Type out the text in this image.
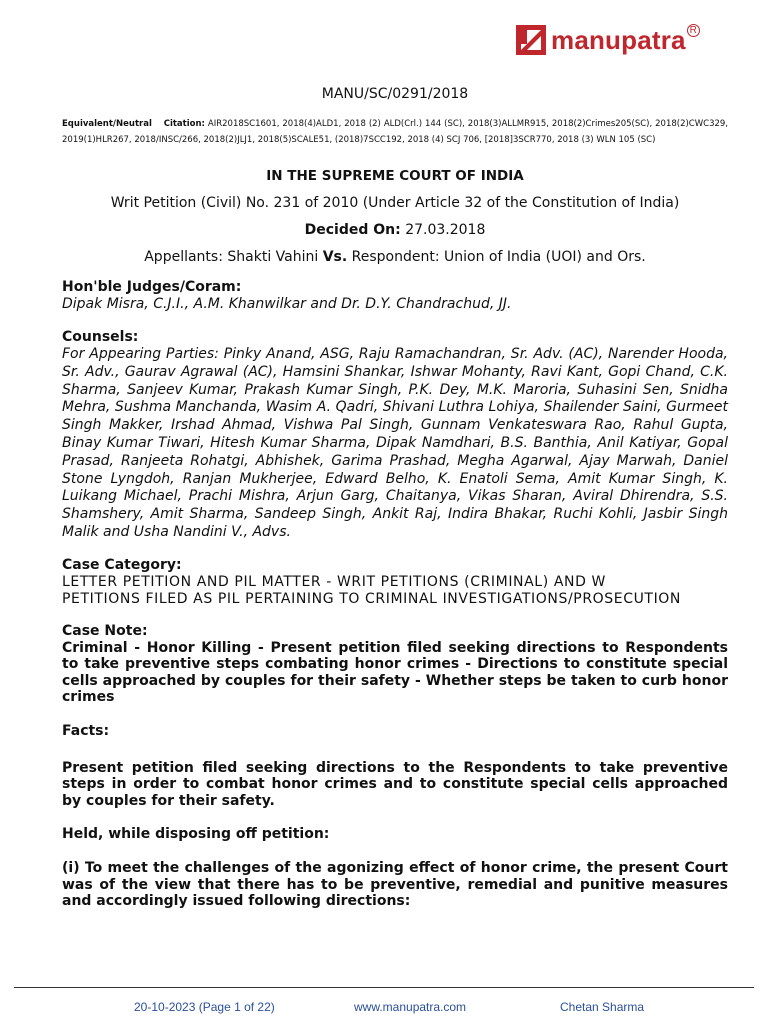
manupatra R
MANU/SC/0291/2018
Equivalent/Neutral Citation: AIR2018SC1601, 2018(4)ALD1, 2018 (2) ALD(Crl.) 144 (SC), 2018(3)ALLMR915, 2018(2)Crimes205(SC), 2018(2)CWC329, 2019(1)HLR267, 2018/INSC/266, 2018(2)JLJ1, 2018(5)SCALE51, (2018)7SCC192, 2018 (4) SCJ 706, [2018]3SCR770, 2018 (3) WLN 105 (SC)
IN THE SUPREME COURT OF INDIA
Writ Petition (Civil) No. 231 of 2010 (Under Article 32 of the Constitution of India)
Decided On: 27.03.2018
Appellants: Shakti Vahini Vs. Respondent: Union of India (UOI) and Ors.
Hon'ble Judges/Coram:
Dipak Misra, C.J.I., A.M. Khanwilkar and Dr. D.Y. Chandrachud, JJ.
Counsels:
For Appearing Parties: Pinky Anand, ASG, Raju Ramachandran, Sr. Adv. (AC), Narender Hooda, Sr. Adv., Gaurav Agrawal (AC), Hamsini Shankar, Ishwar Mohanty, Ravi Kant, Gopi Chand, C.K. Sharma, Sanjeev Kumar, Prakash Kumar Singh, P.K. Dey, M.K. Maroria, Suhasini Sen, Snidha Mehra, Sushma Manchanda, Wasim A. Qadri, Shivani Luthra Lohiya, Shailender Saini, Gurmeet Singh Makker, Irshad Ahmad, Vishwa Pal Singh, Gunnam Venkateswara Rao, Rahul Gupta, Binay Kumar Tiwari, Hitesh Kumar Sharma, Dipak Namdhari, B.S. Banthia, Anil Katiyar, Gopal Prasad, Ranjeeta Rohatgi, Abhishek, Garima Prashad, Megha Agarwal, Ajay Marwah, Daniel Stone Lyngdoh, Ranjan Mukherjee, Edward Belho, K. Enatoli Sema, Amit Kumar Singh, K. Luikang Michael, Prachi Mishra, Arjun Garg, Chaitanya, Vikas Sharan, Aviral Dhirendra, S.S. Shamshery, Amit Sharma, Sandeep Singh, Ankit Raj, Indira Bhakar, Ruchi Kohli, Jasbir Singh Malik and Usha Nandini V., Advs.
Case Category:
LETTER PETITION AND PIL MATTER - WRIT PETITIONS (CRIMINAL) AND W
PETITIONS FILED AS PIL PERTAINING TO CRIMINAL INVESTIGATIONS/PROSECUTION
Case Note:
Criminal - Honor Killing - Present petition filed seeking directions to Respondents to take preventive steps combating honor crimes - Directions to constitute special cells approached by couples for their safety - Whether steps be taken to curb honor crimes
Facts:
Present petition filed seeking directions to the Respondents to take preventive steps in order to combat honor crimes and to constitute special cells approached by couples for their safety.
Held, while disposing off petition:
(i) To meet the challenges of the agonizing effect of honor crime, the present Court was of the view that there has to be preventive, remedial and punitive measures and accordingly issued following directions:
20-10-2023 (Page 1 of 22)	www.manupatra.com	Chetan Sharma
